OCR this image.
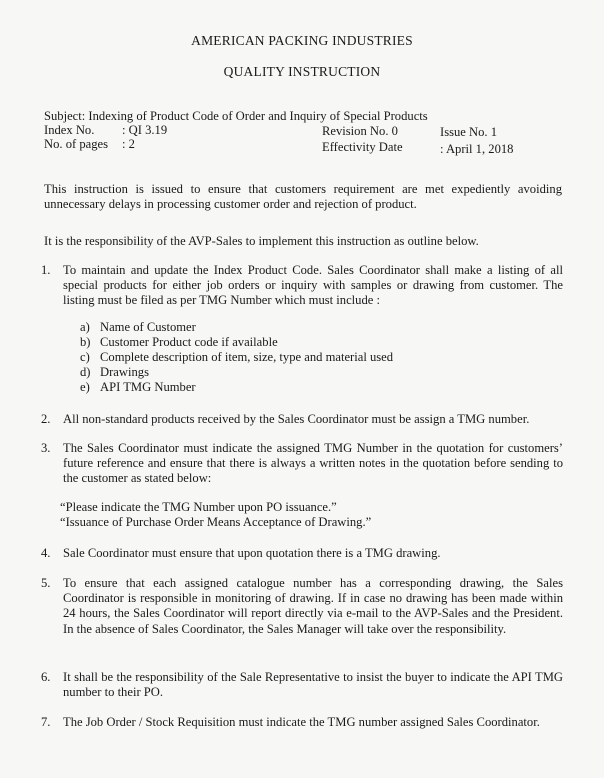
AMERICAN PACKING INDUSTRIES
QUALITY INSTRUCTION
Subject: Indexing of Product Code of Order and Inquiry of Special Products
Index No. : QI 3.19	Revision No. 0	Issue No. 1
No. of pages : 2	Effectivity Date	: April 1, 2018
This instruction is issued to ensure that customers requirement are met expediently avoiding unnecessary delays in processing customer order and rejection of product.
It is the responsibility of the AVP-Sales to implement this instruction as outline below.
1. To maintain and update the Index Product Code. Sales Coordinator shall make a listing of all special products for either job orders or inquiry with samples or drawing from customer. The listing must be filed as per TMG Number which must include :
a) Name of Customer
b) Customer Product code if available
c) Complete description of item, size, type and material used
d) Drawings
e) API TMG Number
2. All non-standard products received by the Sales Coordinator must be assign a TMG number.
3. The Sales Coordinator must indicate the assigned TMG Number in the quotation for customers’ future reference and ensure that there is always a written notes in the quotation before sending to the customer as stated below:
“Please indicate the TMG Number upon PO issuance.”
“Issuance of Purchase Order Means Acceptance of Drawing.”
4. Sale Coordinator must ensure that upon quotation there is a TMG drawing.
5. To ensure that each assigned catalogue number has a corresponding drawing, the Sales Coordinator is responsible in monitoring of drawing. If in case no drawing has been made within 24 hours, the Sales Coordinator will report directly via e-mail to the AVP-Sales and the President. In the absence of Sales Coordinator, the Sales Manager will take over the responsibility.
6. It shall be the responsibility of the Sale Representative to insist the buyer to indicate the API TMG number to their PO.
7. The Job Order / Stock Requisition must indicate the TMG number assigned Sales Coordinator.
